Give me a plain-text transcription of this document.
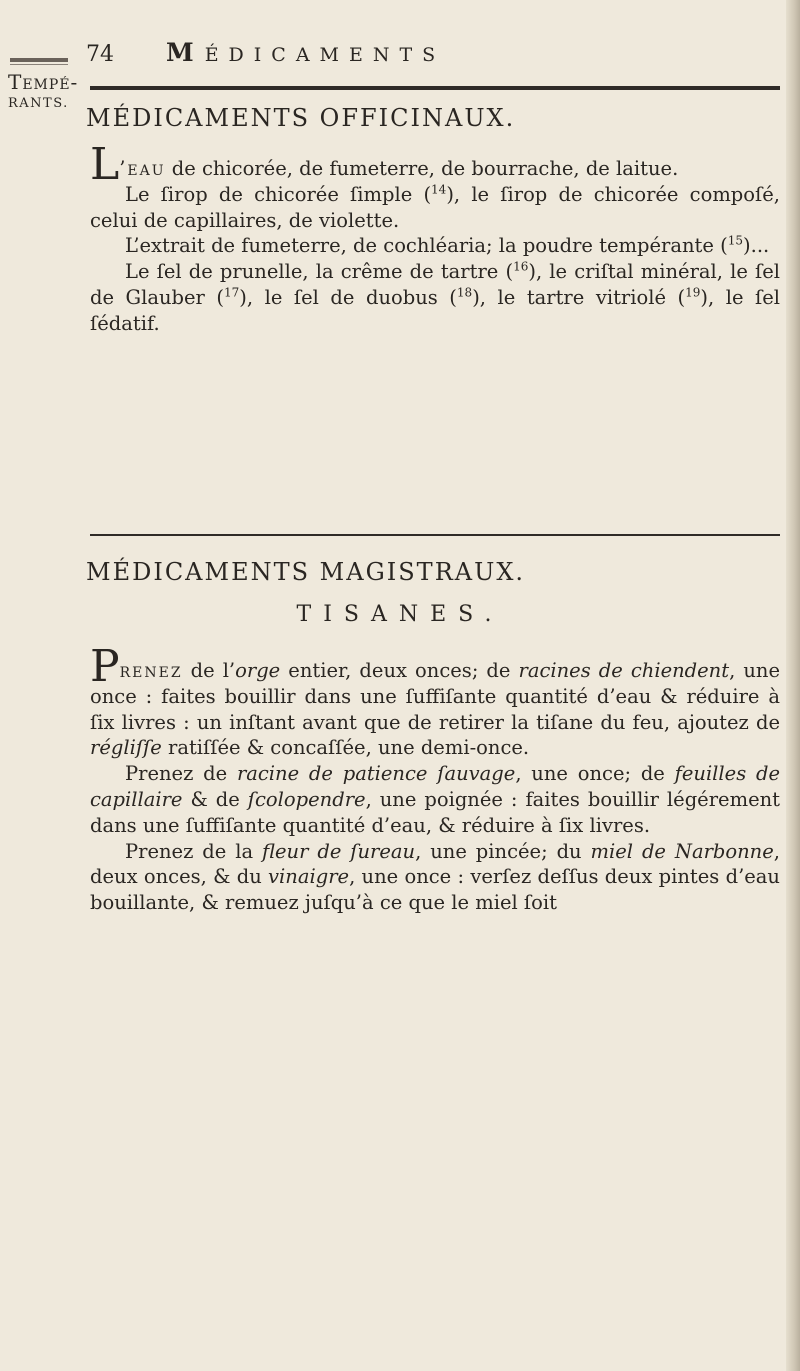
Tempé-
RANTS.
74 MÉDICAMENTS
MÉDICAMENTS OFFICINAUX.

L’eau de chicorée, de fumeterre, de bourrache, de laitue.

Le ſirop de chicorée ſimple ($^{14}$), le ſirop de chicorée compoſé, celui de capillaires, de violette.

L’extrait de fumeterre, de cochléaria; la poudre tempérante ($^{15}$)...

Le ſel de prunelle, la crême de tartre ($^{16}$), le criſtal minéral, le ſel de Glauber ($^{17}$), le ſel de duobus ($^{18}$), le tartre vitriolé ($^{19}$), le ſel ſédatif.

MÉDICAMENTS MAGISTRAUX.
TISANES.

Prenez de l’orge entier, deux onces; de racines de chiendent, une once : faites bouillir dans une ſuffiſante quantité d’eau & réduire à ſix livres : un inſtant avant que de retirer la tiſane du feu, ajoutez de régliſſe ratiſſée & concaſſée, une demi-once.

Prenez de racine de patience ſauvage, une once; de feuilles de capillaire & de ſcolopendre, une poignée : faites bouillir légérement dans une ſuffiſante quantité d’eau, & réduire à ſix livres.

Prenez de la fleur de ſureau, une pincée; du miel de Narbonne, deux onces, & du vinaigre, une once : verſez deſſus deux pintes d’eau bouillante, & remuez juſqu’à ce que le miel ſoit
